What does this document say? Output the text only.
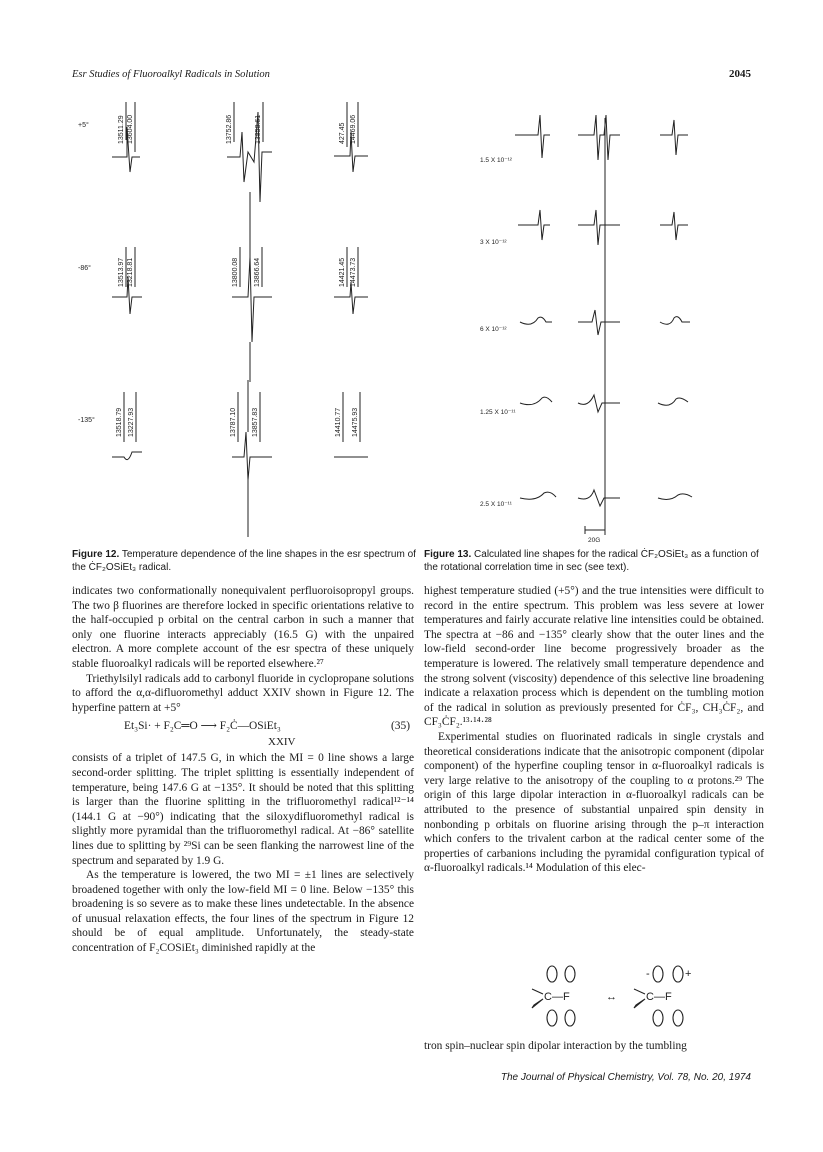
Esr Studies of Fluoroalkyl Radicals in Solution	2045
+5°
-86°
-135°
13511.29 13604.00	13752.86	13858.61	427.45 14469.06
13513.97 13218.81	13800.08 13866.64	14421.45 14473.73
13518.79 13227.93	13787.10 13857.83	14410.77 14475.93
1.5 X 10⁻¹²
3 X 10⁻¹²
6 X 10⁻¹²
1.25 X 10⁻¹¹
2.5 X 10⁻¹¹
20G
Figure 12. Temperature dependence of the line shapes in the esr spectrum of the ĊF₂OSiEt₃ radical.
Figure 13. Calculated line shapes for the radical ĊF₂OSiEt₃ as a function of the rotational correlation time in sec (see text).

indicates two conformationally nonequivalent perfluoroisopropyl groups. The two β fluorines are therefore locked in specific orientations relative to the half-occupied p orbital on the central carbon in such a manner that only one fluorine interacts appreciably (16.5 G) with the unpaired electron. A more complete account of the esr spectra of these uniquely stable fluoroalkyl radicals will be reported elsewhere.²⁷

Triethylsilyl radicals add to carbonyl fluoride in cyclopropane solutions to afford the α,α-difluoromethyl adduct XXIV shown in Figure 12. The hyperfine pattern at +5°

Et₃Si· + F₂C═O ⟶ F₂Ċ—OSiEt₃	(35)
XXIV

consists of a triplet of 147.5 G, in which the MI = 0 line shows a large second-order splitting. The triplet splitting is essentially independent of temperature, being 147.6 G at −135°. It should be noted that this splitting is larger than the fluorine splitting in the trifluoromethyl radical¹²⁻¹⁴ (144.1 G at −90°) indicating that the siloxydifluoromethyl radical is slightly more pyramidal than the trifluoromethyl radical. At −86° satellite lines due to splitting by ²⁹Si can be seen flanking the narrowest line of the spectrum and separated by 1.9 G.

As the temperature is lowered, the two MI = ±1 lines are selectively broadened together with only the low-field MI = 0 line. Below −135° this broadening is so severe as to make these lines undetectable. In the absence of unusual relaxation effects, the four lines of the spectrum in Figure 12 should be of equal amplitude. Unfortunately, the steady-state concentration of F₂COSiEt₃ diminished rapidly at the

highest temperature studied (+5°) and the true intensities were difficult to record in the entire spectrum. This problem was less severe at lower temperatures and fairly accurate relative line intensities could be obtained. The spectra at −86 and −135° clearly show that the outer lines and the low-field second-order line become progressively broader as the temperature is lowered. The relatively small temperature dependence and the strong solvent (viscosity) dependence of this selective line broadening indicate a relaxation process which is dependent on the tumbling motion of the radical in solution as previously presented for ĊF₃, CH₃ĊF₂, and CF₃ĊF₂.¹³·¹⁴·²⁸

Experimental studies on fluorinated radicals in single crystals and theoretical considerations indicate that the anisotropic component (dipolar component) of the hyperfine coupling tensor in α-fluoroalkyl radicals is very large relative to the anisotropy of the coupling to α protons.²⁹ The origin of this large dipolar interaction in α-fluoroalkyl radicals can be attributed to the presence of substantial unpaired spin density in nonbonding p orbitals on fluorine arising through the p–π interaction which confers to the trivalent carbon at the radical center some of the properties of carbanions including the pyramidal configuration typical of α-fluoroalkyl radicals.¹⁴ Modulation of this elec-

C—F	↔	C—F
-	+
tron spin–nuclear spin dipolar interaction by the tumbling
The Journal of Physical Chemistry, Vol. 78, No. 20, 1974
